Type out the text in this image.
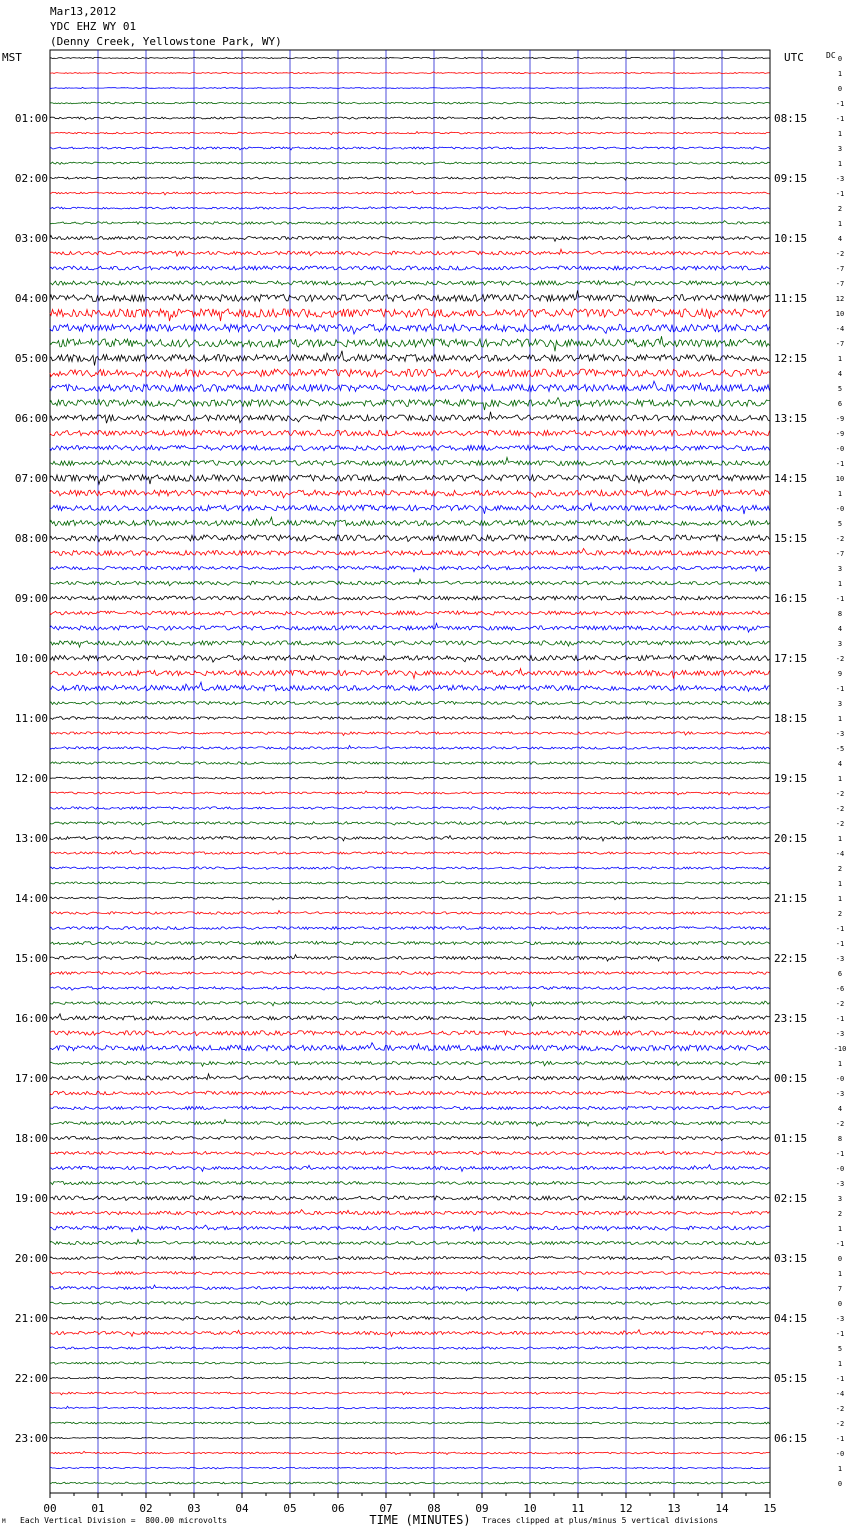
Mar13,2012
YDC EHZ WY 01
(Denny Creek, Yellowstone Park, WY)
00	01	02	03	04	05	06	07	08	09	10	11	12	13	14	15
TIME (MINUTES)
MST	UTC	DC 0
1
0
-1
-1
1
3
1
-3
-1
2
1
4
-2
-7
-7
12
10
-4
-7
1
4
5
6
-9
-9
-0
-1
10
1
-0
5
-2
-7
3
1
-1
8
4
3
-2
9
-1
3
1
-3
-5
4
1
-2
-2
-2
1
-4
2
1
1
2
-1
-1
-3
6
-6
-2
-1
-3
-10
1
-0
-3
4
-2
8
-1
-0
-3
3
2
1
-1
0
1
7
0
-3
-1
5
1
-1
-4
-2
-2
-1
-0
1
0
01:00
02:00
03:00
04:00
05:00
06:00
07:00
08:00
09:00
10:00
11:00
12:00
13:00
14:00
15:00
16:00
17:00
18:00
19:00
20:00
21:00
22:00
23:00
08:15
09:15
10:15
11:15
12:15
13:15
14:15
15:15
16:15
17:15
18:15
19:15
20:15
21:15
22:15
23:15
00:15
01:15
02:15
03:15
04:15
05:15
06:15
M Each Vertical Division =  800.00 microvolts	Traces clipped at plus/minus 5 vertical divisions
